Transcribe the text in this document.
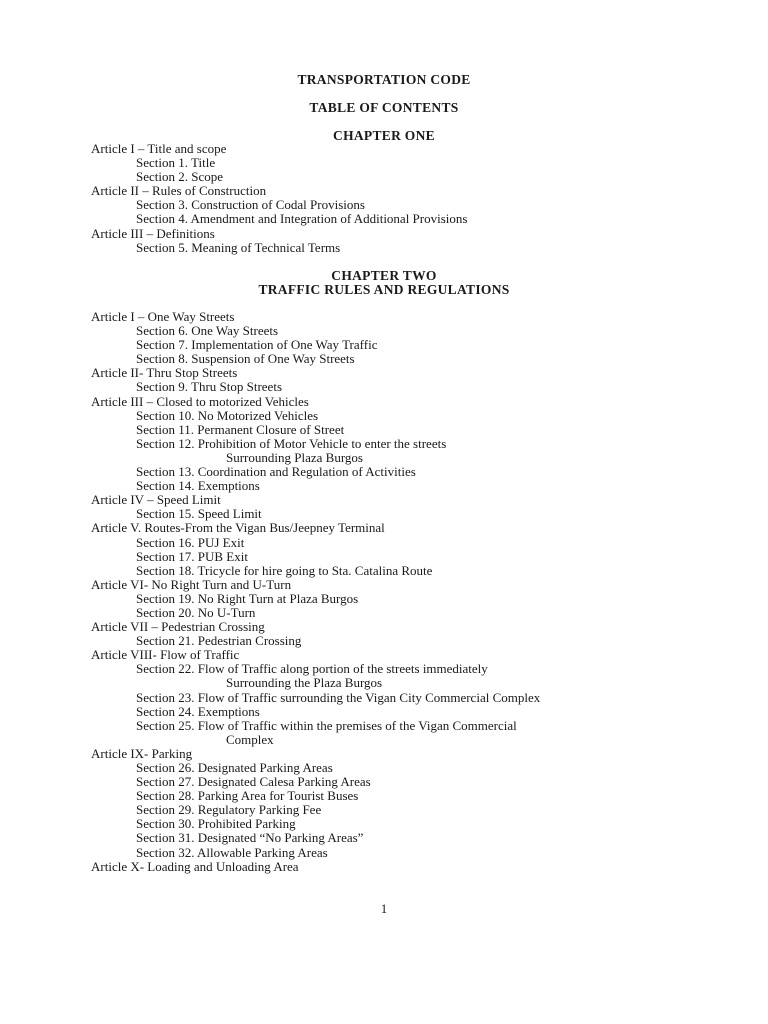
TRANSPORTATION CODE
TABLE OF CONTENTS
CHAPTER ONE
Article I – Title and scope
Section 1. Title
Section 2. Scope
Article II – Rules of Construction
Section 3. Construction of Codal Provisions
Section 4. Amendment and Integration of Additional Provisions
Article III – Definitions
Section 5. Meaning of Technical Terms
CHAPTER TWO
TRAFFIC RULES AND REGULATIONS
Article I – One Way Streets
Section 6. One Way Streets
Section 7. Implementation of One Way Traffic
Section 8. Suspension of One Way Streets
Article II- Thru Stop Streets
Section 9. Thru Stop Streets
Article III – Closed to motorized Vehicles
Section 10. No Motorized Vehicles
Section 11. Permanent Closure of Street
Section 12. Prohibition of Motor Vehicle to enter the streets
Surrounding Plaza Burgos
Section 13. Coordination and Regulation of Activities
Section 14. Exemptions
Article IV – Speed Limit
Section 15. Speed Limit
Article V. Routes-From the Vigan Bus/Jeepney Terminal
Section 16. PUJ Exit
Section 17. PUB Exit
Section 18. Tricycle for hire going to Sta. Catalina Route
Article VI- No Right Turn and U-Turn
Section 19. No Right Turn at Plaza Burgos
Section 20. No U-Turn
Article VII – Pedestrian Crossing
Section 21. Pedestrian Crossing
Article VIII- Flow of Traffic
Section 22. Flow of Traffic along portion of the streets immediately
Surrounding the Plaza Burgos
Section 23. Flow of Traffic surrounding the Vigan City Commercial Complex
Section 24. Exemptions
Section 25. Flow of Traffic within the premises of the Vigan Commercial
Complex
Article IX- Parking
Section 26. Designated Parking Areas
Section 27. Designated Calesa Parking Areas
Section 28. Parking Area for Tourist Buses
Section 29. Regulatory Parking Fee
Section 30. Prohibited Parking
Section 31. Designated “No Parking Areas”
Section 32. Allowable Parking Areas
Article X- Loading and Unloading Area
1
